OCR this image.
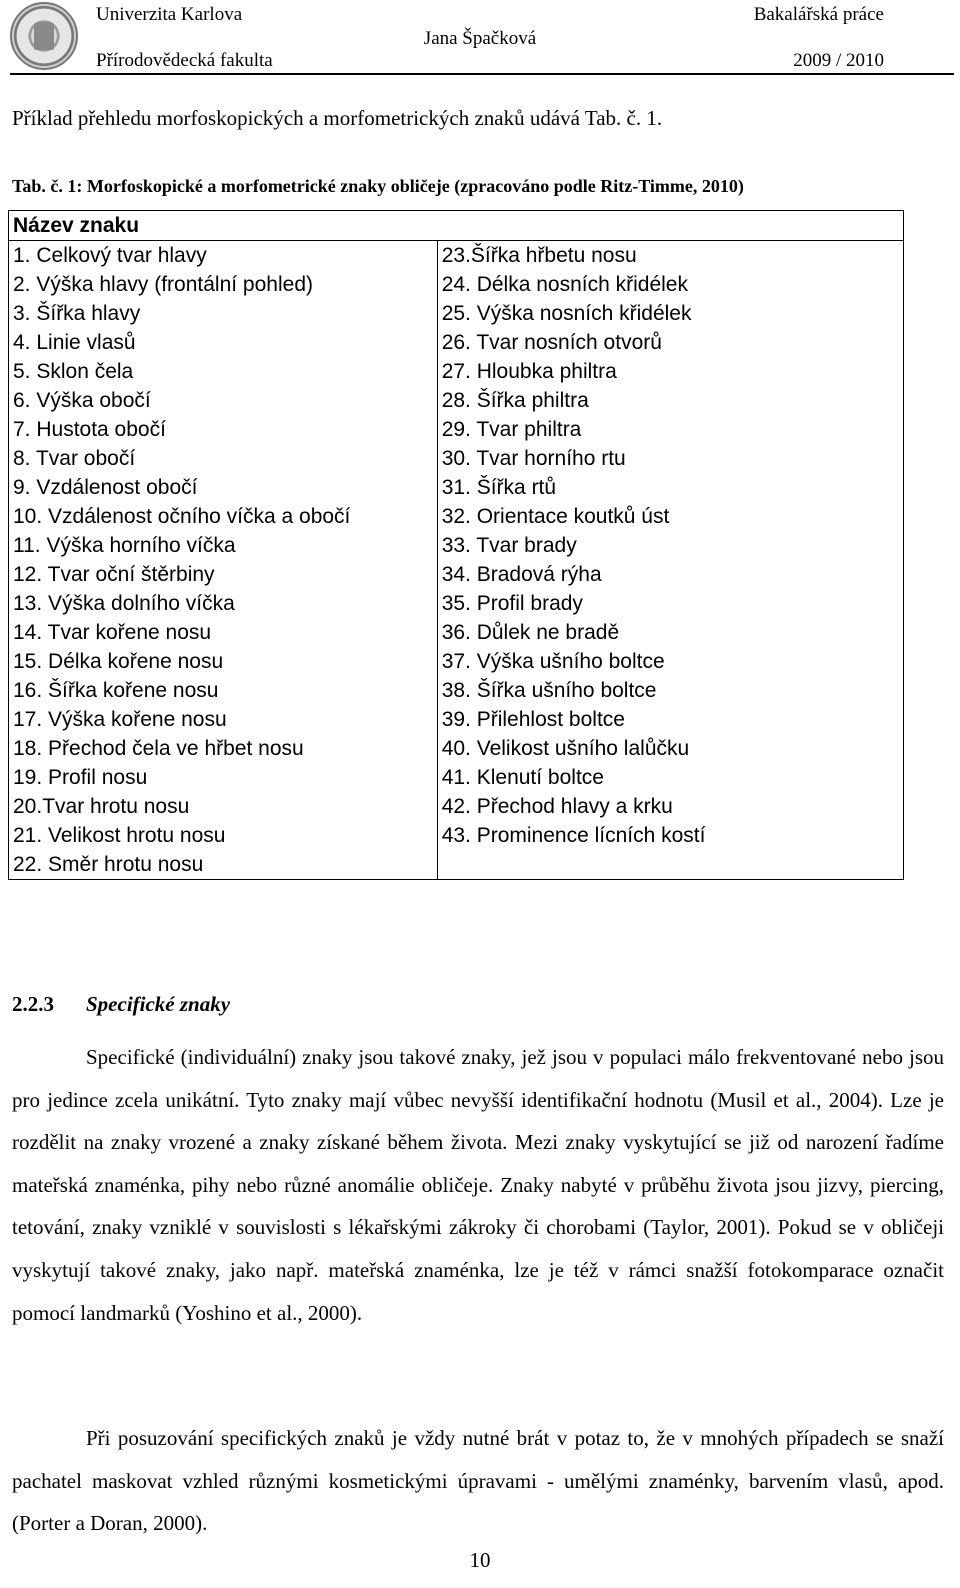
Univerzita Karlova
Přírodovědecká fakulta
Jana Špačková
Bakalářská práce
2009 / 2010
Příklad přehledu morfoskopických a morfometrických znaků udává Tab. č. 1.
Tab. č. 1: Morfoskopické a morfometrické znaky obličeje (zpracováno podle Ritz-Timme, 2010)
Název znaku	
1. Celkový tvar hlavy	23.Šířka hřbetu nosu
2. Výška hlavy (frontální pohled)	24. Délka nosních křidélek
3. Šířka hlavy	25. Výška nosních křidélek
4. Linie vlasů	26. Tvar nosních otvorů
5. Sklon čela	27. Hloubka philtra
6. Výška obočí	28. Šířka philtra
7. Hustota obočí	29. Tvar philtra
8. Tvar obočí	30. Tvar horního rtu
9. Vzdálenost obočí	31. Šířka rtů
10. Vzdálenost očního víčka a obočí	32. Orientace koutků úst
11. Výška horního víčka	33. Tvar brady
12. Tvar oční štěrbiny	34. Bradová rýha
13. Výška dolního víčka	35. Profil brady
14. Tvar kořene nosu	36. Důlek ne bradě
15. Délka kořene nosu	37. Výška ušního boltce
16. Šířka kořene nosu	38. Šířka ušního boltce
17. Výška kořene nosu	39. Přilehlost boltce
18. Přechod čela ve hřbet nosu	40. Velikost ušního lalůčku
19. Profil nosu	41. Klenutí boltce
20.Tvar hrotu nosu	42. Přechod hlavy a krku
21. Velikost hrotu nosu	43. Prominence lícních kostí
22. Směr hrotu nosu	
2.2.3 Specifické znaky

Specifické (individuální) znaky jsou takové znaky, jež jsou v populaci málo frekventované nebo jsou pro jedince zcela unikátní. Tyto znaky mají vůbec nevyšší identifikační hodnotu (Musil et al., 2004). Lze je rozdělit na znaky vrozené a znaky získané během života. Mezi znaky vyskytující se již od narození řadíme mateřská znaménka, pihy nebo různé anomálie obličeje. Znaky nabyté v průběhu života jsou jizvy, piercing, tetování, znaky vzniklé v souvislosti s lékařskými zákroky či chorobami (Taylor, 2001). Pokud se v obličeji vyskytují takové znaky, jako např. mateřská znaménka, lze je též v rámci snažší fotokomparace označit pomocí landmarků (Yoshino et al., 2000).

Při posuzování specifických znaků je vždy nutné brát v potaz to, že v mnohých případech se snaží pachatel maskovat vzhled různými kosmetickými úpravami - umělými znaménky, barvením vlasů, apod. (Porter a Doran, 2000).

10
